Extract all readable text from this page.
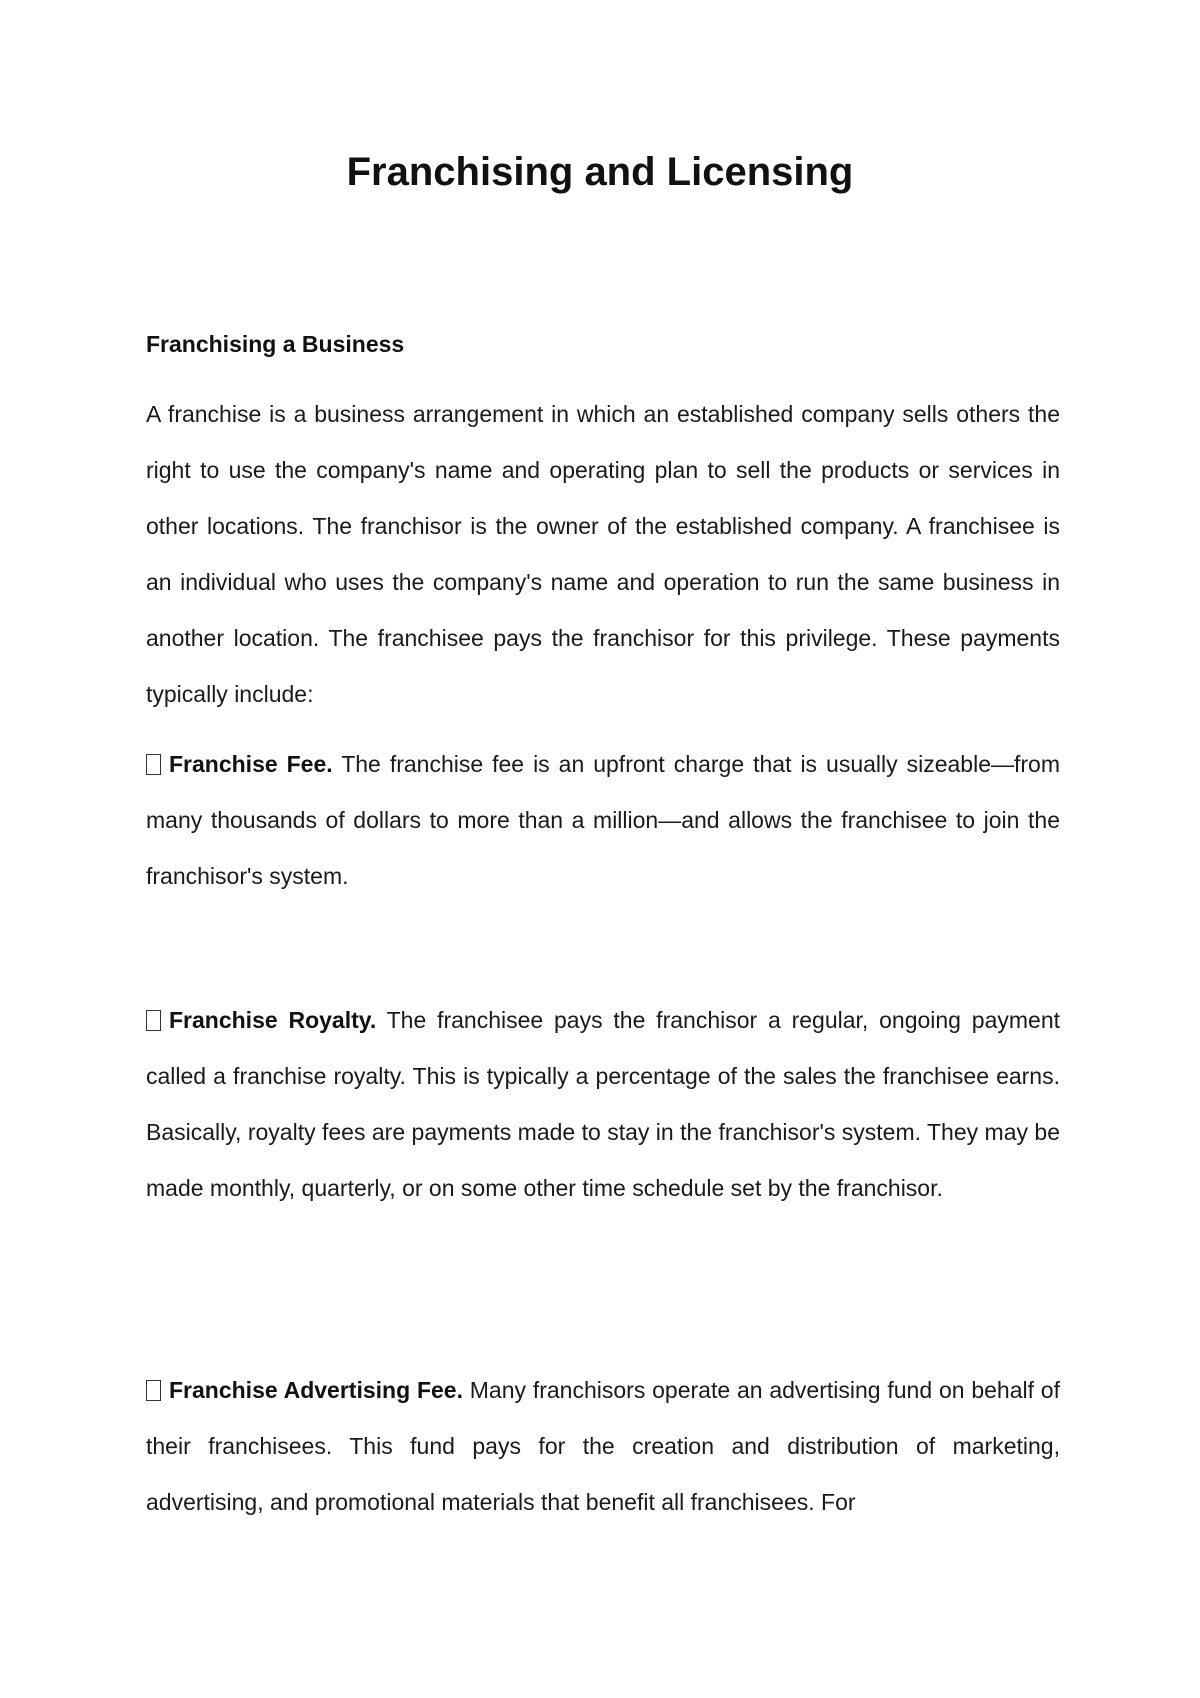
Franchising and Licensing
Franchising a Business

A franchise is a business arrangement in which an established company sells others the right to use the company's name and operating plan to sell the products or services in other locations. The franchisor is the owner of the established company. A franchisee is an individual who uses the company's name and operation to run the same business in another location. The franchisee pays the franchisor for this privilege. These payments typically include:

Franchise Fee. The franchise fee is an upfront charge that is usually sizeable—from many thousands of dollars to more than a million—and allows the franchisee to join the franchisor's system.

Franchise Royalty. The franchisee pays the franchisor a regular, ongoing payment called a franchise royalty. This is typically a percentage of the sales the franchisee earns. Basically, royalty fees are payments made to stay in the franchisor's system. They may be made monthly, quarterly, or on some other time schedule set by the franchisor.

Franchise Advertising Fee. Many franchisors operate an advertising fund on behalf of their franchisees. This fund pays for the creation and distribution of marketing, advertising, and promotional materials that benefit all franchisees. For
